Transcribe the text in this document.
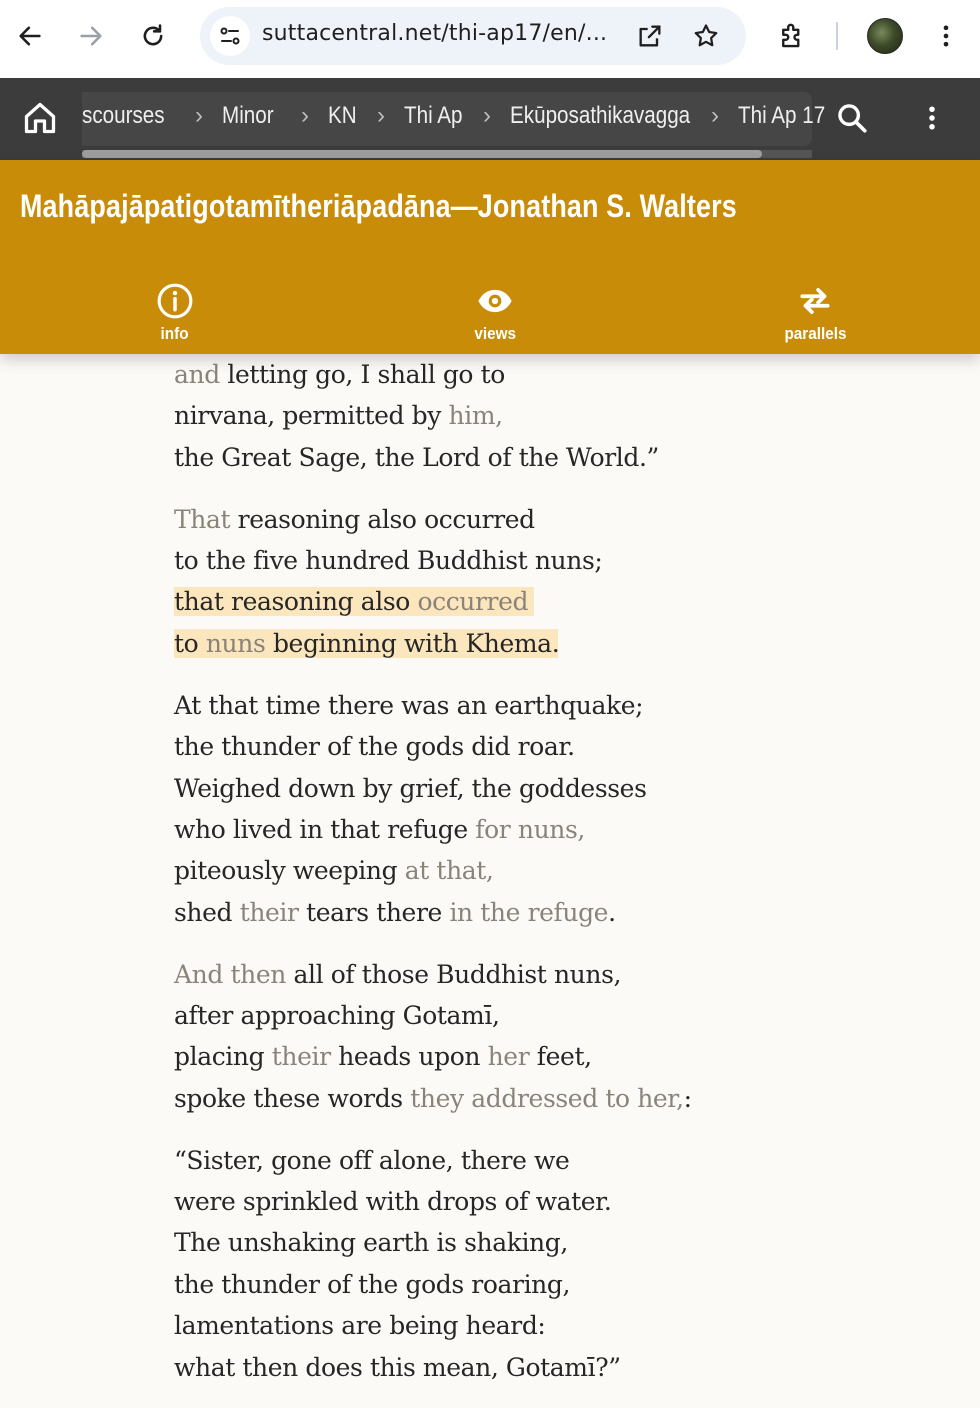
suttacentral.net/thi-ap17/en/...
scourses	› Minor	› KN › Thi Ap › Ekūposathikavagga › Thi Ap 17
Mahāpajāpatigotamītheriāpadāna—Jonathan S. Walters
info	views	parallels
and letting go, I shall go to
nirvana, permitted by him,
the Great Sage, the Lord of the World.”
That reasoning also occurred
to the five hundred Buddhist nuns;
that reasoning also occurred
to nuns beginning with Khema.
At that time there was an earthquake;
the thunder of the gods did roar.
Weighed down by grief, the goddesses
who lived in that refuge for nuns,
piteously weeping at that,
shed their tears there in the refuge.
And then all of those Buddhist nuns,
after approaching Gotamī,
placing their heads upon her feet,
spoke these words they addressed to her,:
“Sister, gone off alone, there we
were sprinkled with drops of water.
The unshaking earth is shaking,
the thunder of the gods roaring,
lamentations are being heard:
what then does this mean, Gotamī?”
